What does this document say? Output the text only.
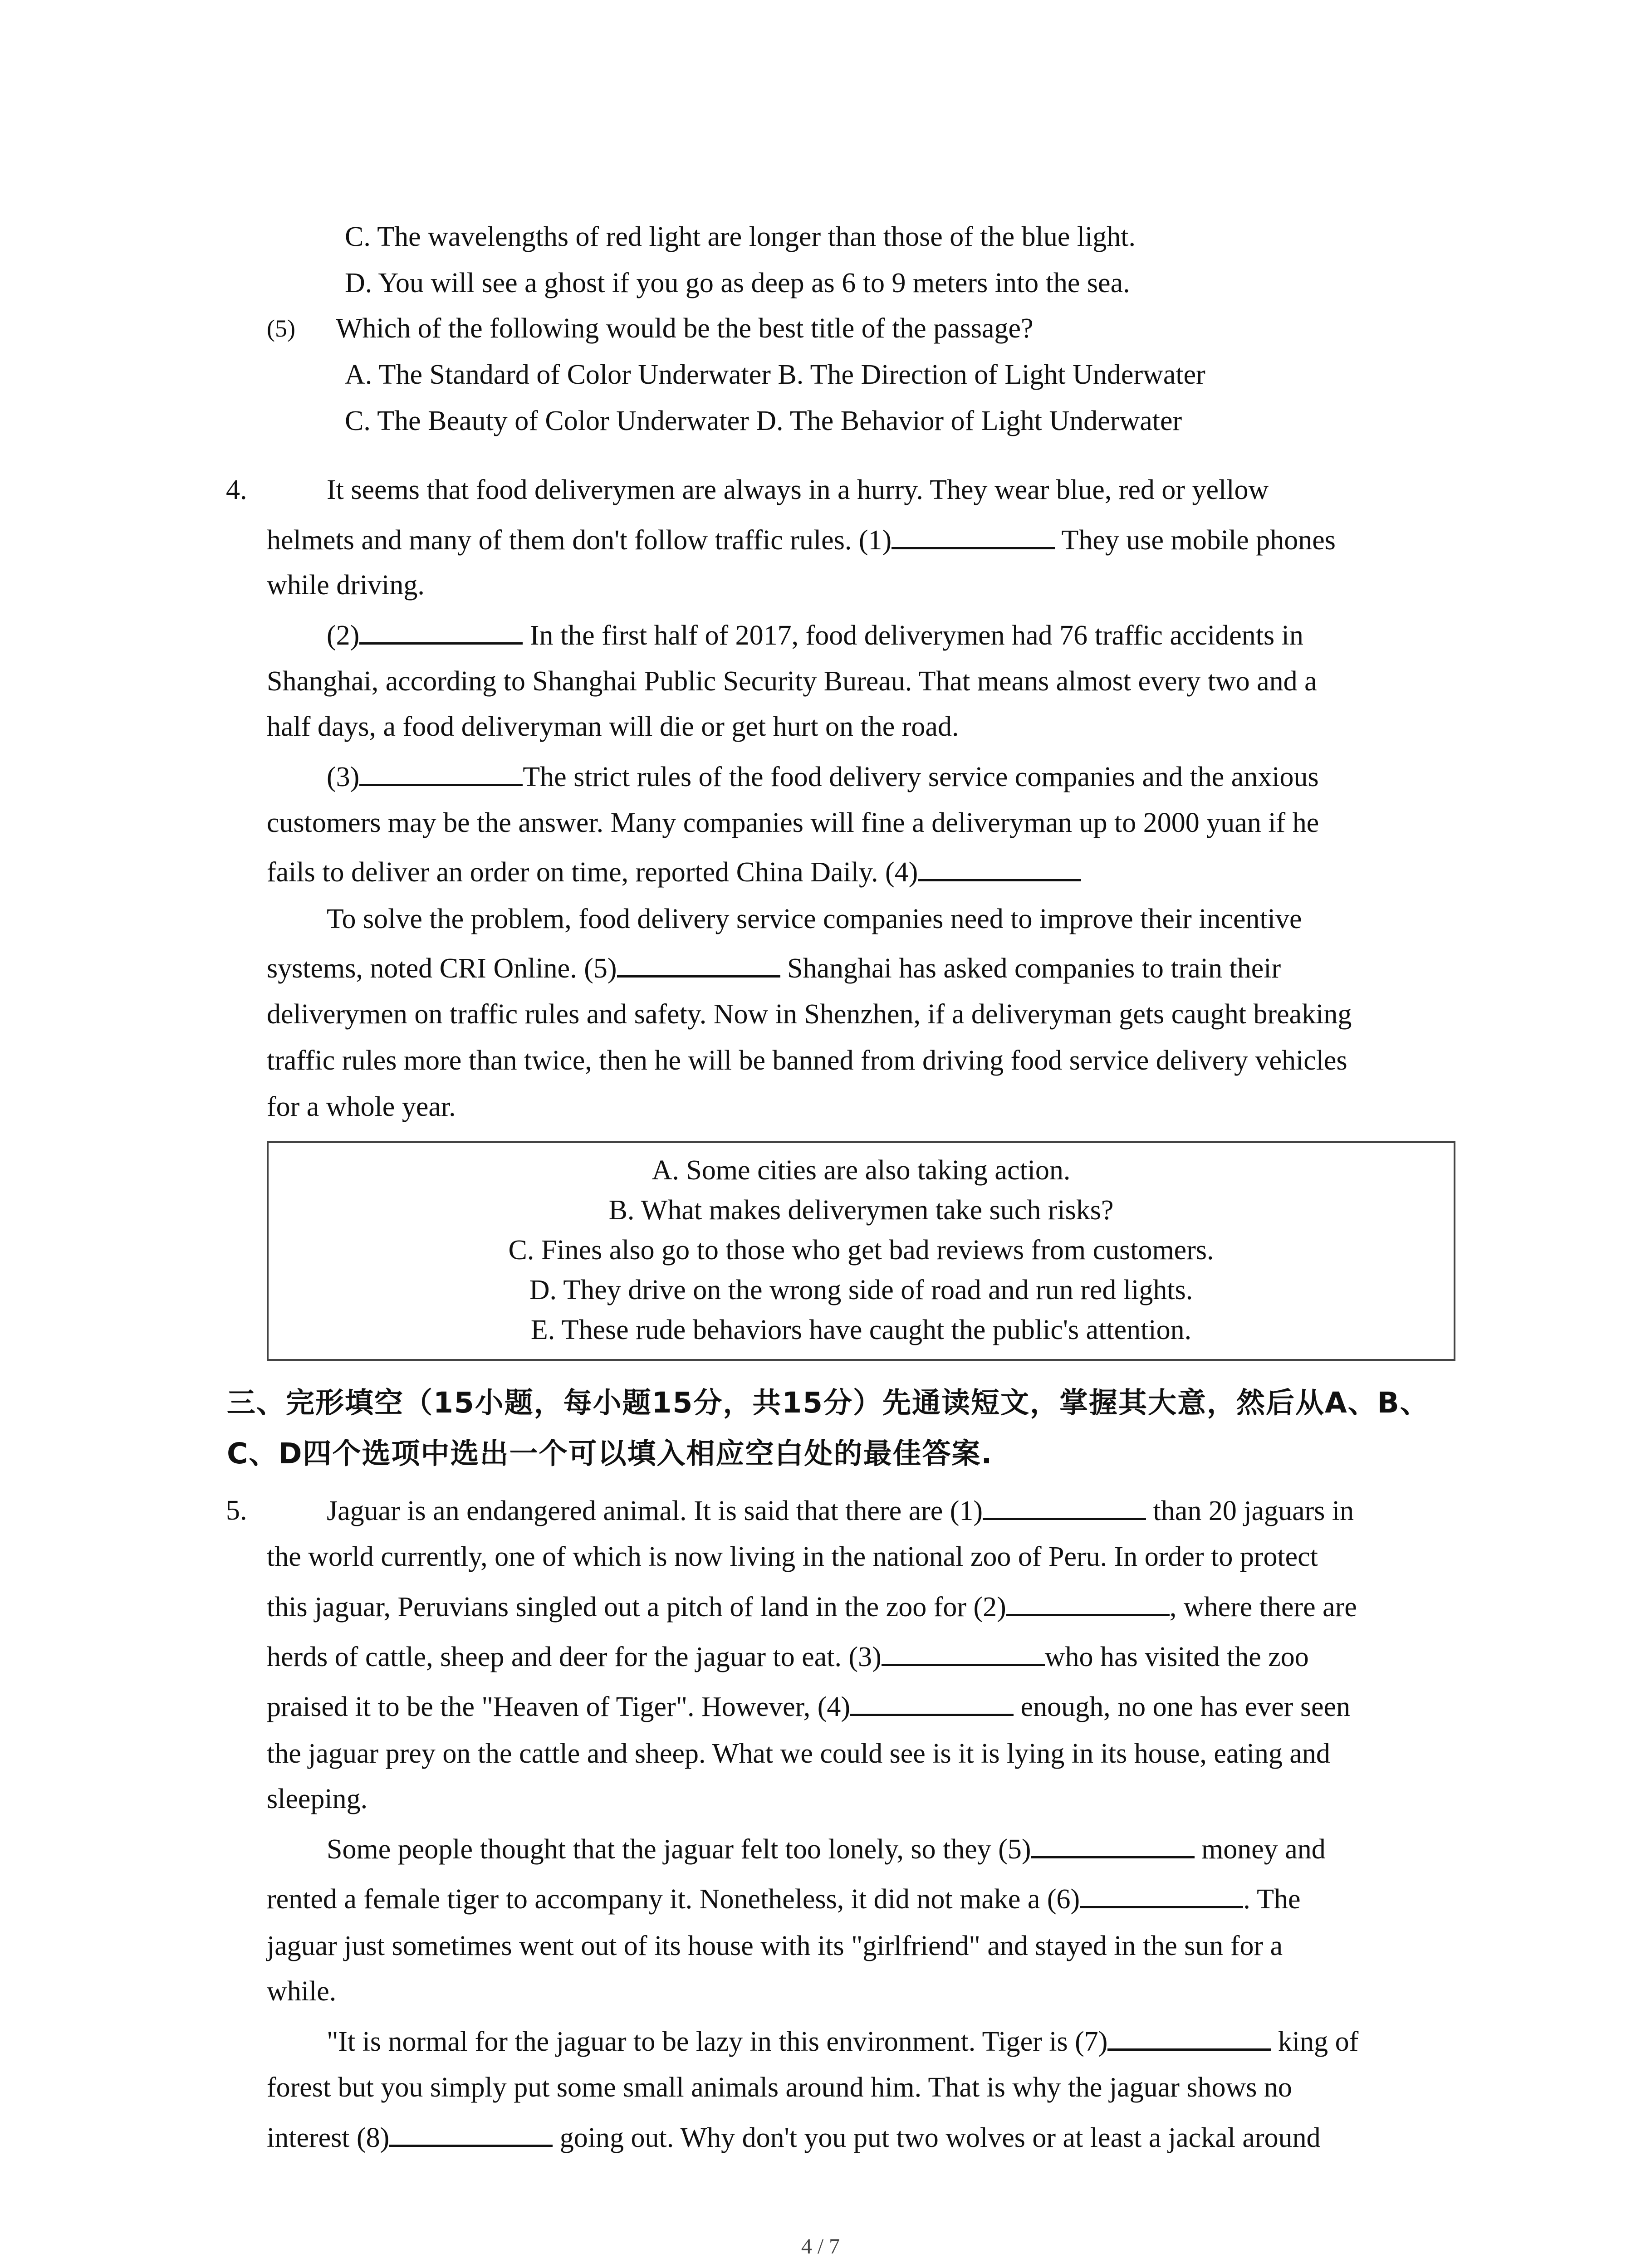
C. The wavelengths of red light are longer than those of the blue light.
D. You will see a ghost if you go as deep as 6 to 9 meters into the sea.
(5) Which of the following would be the best title of the passage?
A. The Standard of Color Underwater B. The Direction of Light Underwater
C. The Beauty of Color Underwater D. The Behavior of Light Underwater
4.	It seems that food deliverymen are always in a hurry. They wear blue, red or yellow
helmets and many of them don't follow traffic rules. (1)	They use mobile phones
while driving.
(2)	In the first half of 2017, food deliverymen had 76 traffic accidents in
Shanghai, according to Shanghai Public Security Bureau. That means almost every two and a
half days, a food deliveryman will die or get hurt on the road.
(3)	The strict rules of the food delivery service companies and the anxious
customers may be the answer. Many companies will fine a deliveryman up to 2000 yuan if he
fails to deliver an order on time, reported China Daily. (4)
To solve the problem, food delivery service companies need to improve their incentive
systems, noted CRI Online. (5)	Shanghai has asked companies to train their
deliverymen on traffic rules and safety. Now in Shenzhen, if a deliveryman gets caught breaking
traffic rules more than twice, then he will be banned from driving food service delivery vehicles
for a whole year.
A. Some cities are also taking action.
B. What makes deliverymen take such risks?
C. Fines also go to those who get bad reviews from customers.
D. They drive on the wrong side of road and run red lights.
E. These rude behaviors have caught the public's attention.
三、完形填空（15小题，每小题15分，共15分）先通读短文，掌握其大意，然后从A、B、
C、D四个选项中选出一个可以填入相应空白处的最佳答案.
5.	Jaguar is an endangered animal. It is said that there are (1)	than 20 jaguars in
the world currently, one of which is now living in the national zoo of Peru. In order to protect
this jaguar, Peruvians singled out a pitch of land in the zoo for (2)	, where there are
herds of cattle, sheep and deer for the jaguar to eat. (3)	who has visited the zoo
praised it to be the "Heaven of Tiger". However, (4)	enough, no one has ever seen
the jaguar prey on the cattle and sheep. What we could see is it is lying in its house, eating and
sleeping.
Some people thought that the jaguar felt too lonely, so they (5)	money and
rented a female tiger to accompany it. Nonetheless, it did not make a (6)	. The
jaguar just sometimes went out of its house with its "girlfriend" and stayed in the sun for a
while.
"It is normal for the jaguar to be lazy in this environment. Tiger is (7)	king of
forest but you simply put some small animals around him. That is why the jaguar shows no
interest (8)	going out. Why don't you put two wolves or at least a jackal around
4 / 7
